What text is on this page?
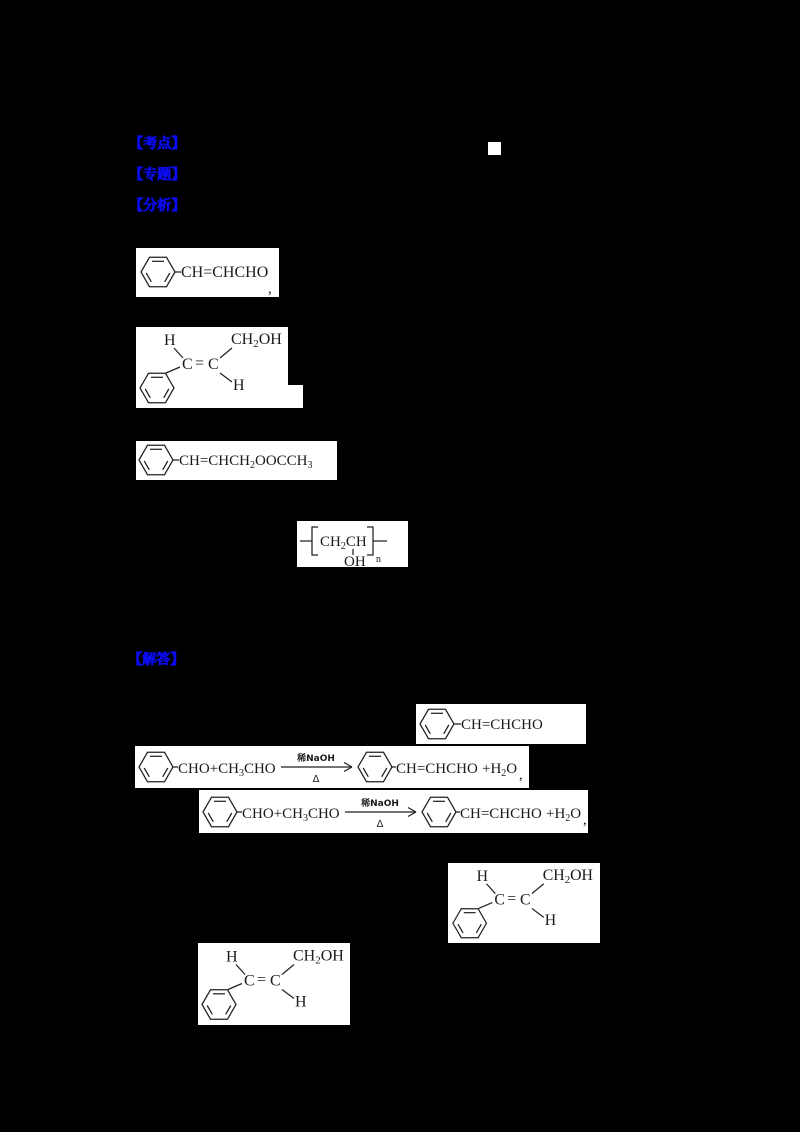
【考点】
【专题】
【分析】
【解答】
CH=CHCHO
,
H
C = C
CH2OH
H
$CH=CHCH_2OOCCH_3$
$CH_2CH$
OH n
CH=CHCHO
$CHO+CH_3CHO$
稀NaOH
Δ
CH=CHCHO $+H_2O$ ,
$CHO+CH_3CHO$
稀NaOH
Δ
CH=CHCHO $+H_2O$ ,
H
C = C
CH2OH
H
H
C = C
CH2OH
H
